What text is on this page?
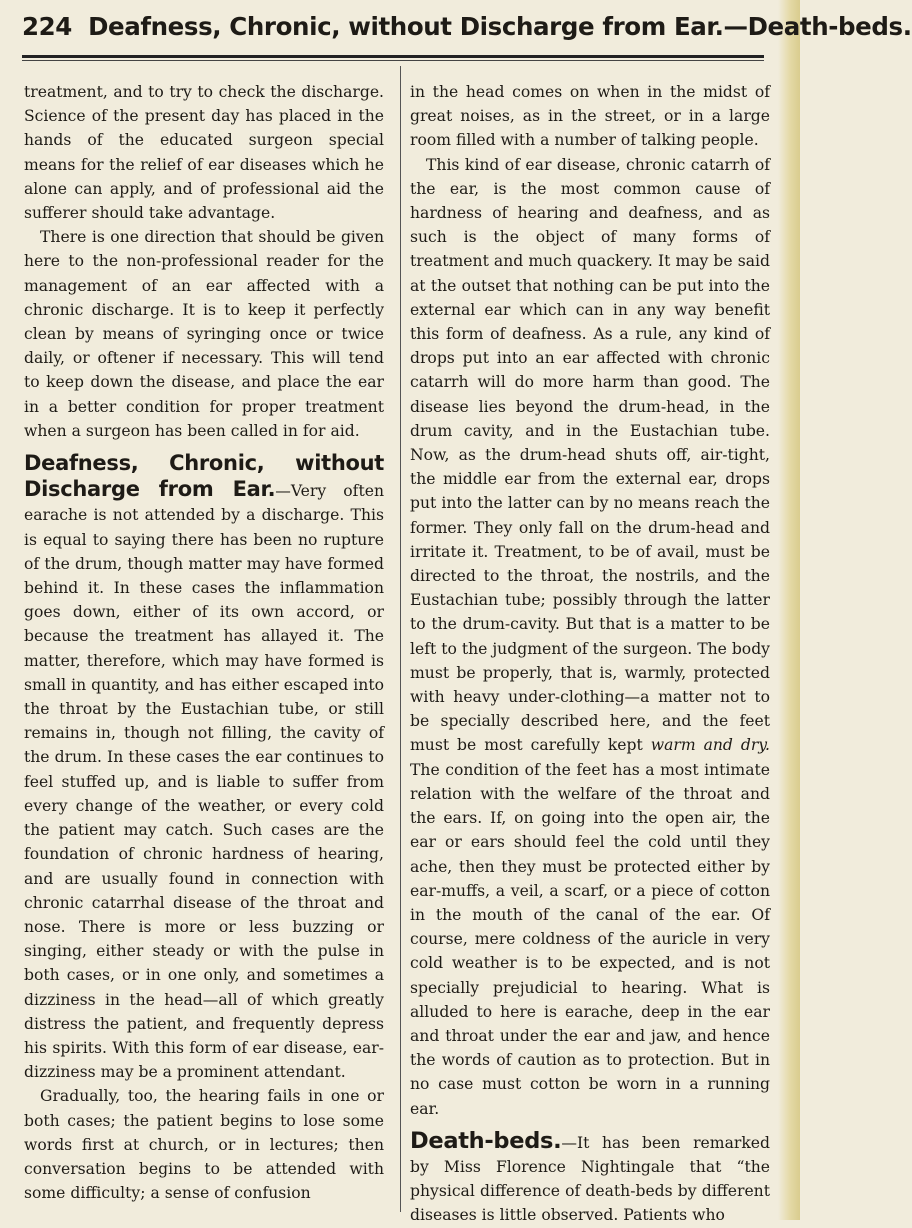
224 Deafness, Chronic, without Discharge from Ear.—Death-beds.

treatment, and to try to check the discharge. Science of the present day has placed in the hands of the educated surgeon special means for the relief of ear diseases which he alone can apply, and of professional aid the sufferer should take advantage.

There is one direction that should be given here to the non-professional reader for the management of an ear affected with a chronic discharge. It is to keep it perfectly clean by means of syringing once or twice daily, or oftener if necessary. This will tend to keep down the disease, and place the ear in a better condition for proper treatment when a surgeon has been called in for aid.

Deafness, Chronic, without Discharge from Ear.—Very often earache is not attended by a discharge. This is equal to saying there has been no rupture of the drum, though matter may have formed behind it. In these cases the inflammation goes down, either of its own accord, or because the treatment has allayed it. The matter, therefore, which may have formed is small in quantity, and has either escaped into the throat by the Eustachian tube, or still remains in, though not filling, the cavity of the drum. In these cases the ear continues to feel stuffed up, and is liable to suffer from every change of the weather, or every cold the patient may catch. Such cases are the foundation of chronic hardness of hearing, and are usually found in connection with chronic catarrhal disease of the throat and nose. There is more or less buzzing or singing, either steady or with the pulse in both cases, or in one only, and sometimes a dizziness in the head—all of which greatly distress the patient, and frequently depress his spirits. With this form of ear disease, ear-dizziness may be a prominent attendant.

Gradually, too, the hearing fails in one or both cases; the patient begins to lose some words first at church, or in lectures; then conversation begins to be attended with some difficulty; a sense of confusion

in the head comes on when in the midst of great noises, as in the street, or in a large room filled with a number of talking people.

This kind of ear disease, chronic catarrh of the ear, is the most common cause of hardness of hearing and deafness, and as such is the object of many forms of treatment and much quackery. It may be said at the outset that nothing can be put into the external ear which can in any way benefit this form of deafness. As a rule, any kind of drops put into an ear affected with chronic catarrh will do more harm than good. The disease lies beyond the drum-head, in the drum cavity, and in the Eustachian tube. Now, as the drum-head shuts off, air-tight, the middle ear from the external ear, drops put into the latter can by no means reach the former. They only fall on the drum-head and irritate it. Treatment, to be of avail, must be directed to the throat, the nostrils, and the Eustachian tube; possibly through the latter to the drum-cavity. But that is a matter to be left to the judgment of the surgeon. The body must be properly, that is, warmly, protected with heavy under-clothing—a matter not to be specially described here, and the feet must be most carefully kept warm and dry. The condition of the feet has a most intimate relation with the welfare of the throat and the ears. If, on going into the open air, the ear or ears should feel the cold until they ache, then they must be protected either by ear-muffs, a veil, a scarf, or a piece of cotton in the mouth of the canal of the ear. Of course, mere coldness of the auricle in very cold weather is to be expected, and is not specially prejudicial to hearing. What is alluded to here is earache, deep in the ear and throat under the ear and jaw, and hence the words of caution as to protection. But in no case must cotton be worn in a running ear.

Death-beds.—It has been remarked by Miss Florence Nightingale that “the physical difference of death-beds by different diseases is little observed. Patients who
